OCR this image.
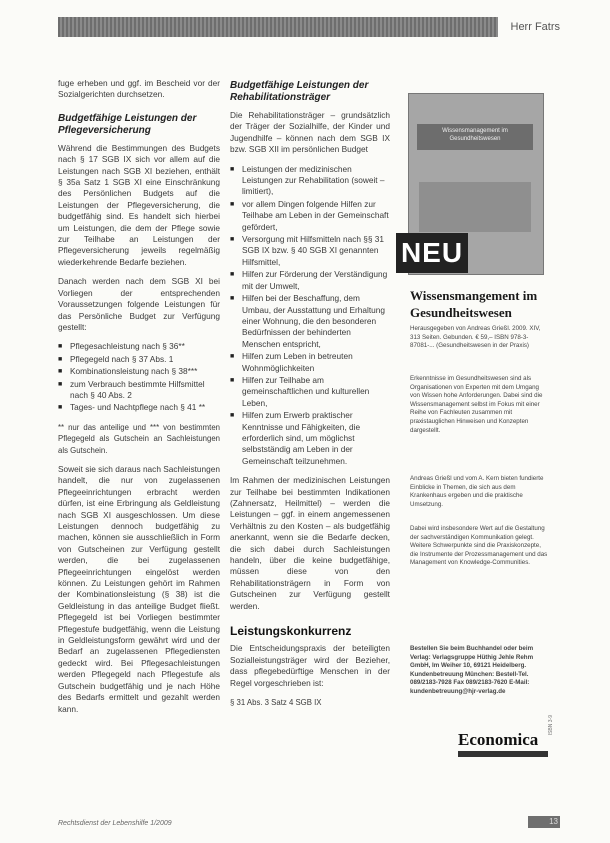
Herr Fatrs

fuge erheben und ggf. im Bescheid vor der Sozialgerichten durchsetzen.

Budgetfähige Leistungen der Pflegeversicherung

Während die Bestimmungen des Budgets nach § 17 SGB IX sich vor allem auf die Leistungen nach SGB XI beziehen, enthält § 35a Satz 1 SGB XI eine Einschränkung des Persönlichen Budgets auf die Leistungen der Pflegeversicherung, die budgetfähig sind. Es handelt sich hierbei um Leistungen, die dem der Pflege sowie zur Teilhabe an Leistungen der Pflegeversicherung jeweils regelmäßig wiederkehrende Bedarfe beziehen.

Danach werden nach dem SGB XI bei Vorliegen der entsprechenden Voraussetzungen folgende Leistungen für das Persönliche Budget zur Verfügung gestellt:

■ Pflegesachleistung nach § 36**
■ Pflegegeld nach § 37 Abs. 1
■ Kombinationsleistung nach § 38***
■ zum Verbrauch bestimmte Hilfsmittel nach § 40 Abs. 2
■ Tages- und Nachtpflege nach § 41 **

** nur das anteilige und *** von bestimmten Pflegegeld als Gutschein an Sachleistungen als Gutschein.

Soweit sie sich daraus nach Sachleistungen handelt, die nur von zugelassenen Pflegeeinrichtungen erbracht werden dürfen, ist eine Erbringung als Geldleistung nach SGB XI ausgeschlossen. Um diese Leistungen dennoch budgetfähig zu machen, können sie ausschließlich in Form von Gutscheinen zur Verfügung gestellt werden, die bei zugelassenen Pflegeeinrichtungen eingelöst werden können. Zu Leistungen gehört im Rahmen der Kombinationsleistung (§ 38) ist die Geldleistung in das anteilige Budget fließt. Pflegegeld ist bei Vorliegen bestimmter Pflegestufe budgetfähig, wenn die Leistung in Geldleistungsform gewährt wird und der Bedarf an zugelassenen Pflegediensten gedeckt wird. Bei Pflegesachleistungen werden Pflegegeld nach Pflegestufe als Gutschein budgetfähig und je nach Höhe des Bedarfs ermittelt und gezahlt werden kann.

Budgetfähige Leistungen der Rehabilitationsträger

Die Rehabilitationsträger – grundsätzlich der Träger der Sozialhilfe, der Kinder und Jugendhilfe – können nach dem SGB IX bzw. SGB XII im persönlichen Budget

■ Leistungen der medizinischen Leistungen zur Rehabilitation (soweit – limitiert),
■ vor allem Dingen folgende Hilfen zur Teilhabe am Leben in der Gemeinschaft gefördert,
■ Versorgung mit Hilfsmitteln nach §§ 31 SGB IX bzw. § 40 SGB XI genannten Hilfsmittel,
■ Hilfen zur Förderung der Verständigung mit der Umwelt,
■ Hilfen bei der Beschaffung, dem Umbau, der Ausstattung und Erhaltung einer Wohnung, die den besonderen Bedürfnissen der behinderten Menschen entspricht,
■ Hilfen zum Leben in betreuten Wohnmöglichkeiten
■ Hilfen zur Teilhabe am gemeinschaftlichen und kulturellen Leben,
■ Hilfen zum Erwerb praktischer Kenntnisse und Fähigkeiten, die erforderlich sind, um möglichst selbstständig am Leben in der Gemeinschaft teilzunehmen.

Im Rahmen der medizinischen Leistungen zur Teilhabe bei bestimmten Indikationen (Zahnersatz, Heilmittel) – werden die Leistungen – ggf. in einem angemessenen Verhältnis zu den Kosten – als budgetfähig anerkannt, wenn sie die Bedarfe decken, die sich dabei durch Sachleistungen handeln, über die keine budgetfähige, müssen diese von den Rehabilitationsträgern in Form von Gutscheinen zur Verfügung gestellt werden.

Leistungskonkurrenz

Die Entscheidungspraxis der beteiligten Sozialleistungsträger wird der Bezieher, dass pflegebedürftige Menschen in der Regel vorgeschrieben ist:

§ 31 Abs. 3 Satz 4 SGB IX

Wissensmanagement im Gesundheitswesen
NEU
Wissensmangement im Gesundheitswesen
Herausgegeben von Andreas Grießl. 2009. XIV, 313 Seiten. Gebunden. € 59,– ISBN 978-3-87081-... (Gesundheitswesen in der Praxis)
Erkenntnisse im Gesundheitswesen sind als Organisationen von Experten mit dem Umgang von Wissen hohe Anforderungen. Dabei sind die Wissensmanagement selbst im Fokus mit einer Reihe von Fachleuten zusammen mit praxistauglichen Hinweisen und Konzepten dargestellt.
Andreas Grießl und vom A. Kern bieten fundierte Einblicke in Themen, die sich aus dem Krankenhaus ergeben und die praktische Umsetzung.
Dabei wird insbesondere Wert auf die Gestaltung der sachverständigen Kommunikation gelegt. Weitere Schwerpunkte sind die Praxiskonzepte, die Instrumente der Prozessmanagement und das Management von Knowledge-Communities.
Bestellen Sie beim Buchhandel oder beim Verlag: Verlagsgruppe Hüthig Jehle Rehm GmbH, Im Weiher 10, 69121 Heidelberg. Kundenbetreuung München: Bestell-Tel. 089/2183-7928 Fax 089/2183-7620 E-Mail: kundenbetreuung@hjr-verlag.de
Economica
ISBN 3-9
Rechtsdienst der Lebenshilfe 1/2009	13
